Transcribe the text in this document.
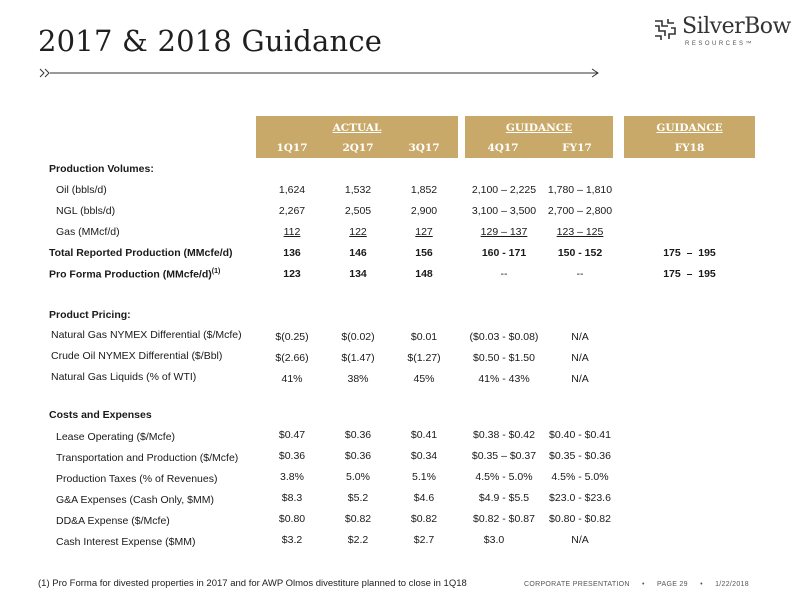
2017 & 2018 Guidance	SilverBow
RESOURCES™
ACTUAL	GUIDANCE	GUIDANCE
1Q17	2Q17	3Q17	4Q17	FY17	FY18
Production Volumes:
Oil (bbls/d)	1,624	1,532	1,852	2,100 – 2,225	1,780 – 1,810
NGL (bbls/d)	2,267	2,505	2,900	3,100 – 3,500	2,700 – 2,800
Gas (MMcf/d)	112	122	127	129 – 137	123 – 125
Total Reported Production (MMcfe/d)	136	146	156	160 - 171	150 - 152	175  –  195
Pro Forma Production (MMcfe/d)$^{(1)}$	123	134	148	--	--	175  –  195
Product Pricing:
Natural Gas NYMEX Differential ($/Mcfe)	$(0.25)	$(0.02)	$0.01	($0.03 - $0.08)	N/A
Crude Oil NYMEX Differential ($/Bbl)	$(2.66)	$(1.47)	$(1.27)	$0.50 - $1.50	N/A
Natural Gas Liquids (% of WTI)	41%	38%	45%	41% - 43%	N/A
Costs and Expenses
Lease Operating ($/Mcfe)	$0.47	$0.36	$0.41	$0.38 - $0.42	$0.40 - $0.41
Transportation and Production ($/Mcfe)	$0.36	$0.36	$0.34	$0.35 – $0.37	$0.35 - $0.36
Production Taxes (% of Revenues)	3.8%	5.0%	5.1%	4.5% - 5.0%	4.5% - 5.0%
G&A Expenses (Cash Only, $MM)	$8.3	$5.2	$4.6	$4.9 - $5.5	$23.0 - $23.6
DD&A Expense ($/Mcfe)	$0.80	$0.82	$0.82	$0.82 - $0.87	$0.80 - $0.82
Cash Interest Expense ($MM)	$3.2	$2.2	$2.7	$3.0	N/A
(1) Pro Forma for divested properties in 2017 and for AWP Olmos divestiture planned to close in 1Q18	CORPORATE PRESENTATION • PAGE 29 • 1/22/2018
